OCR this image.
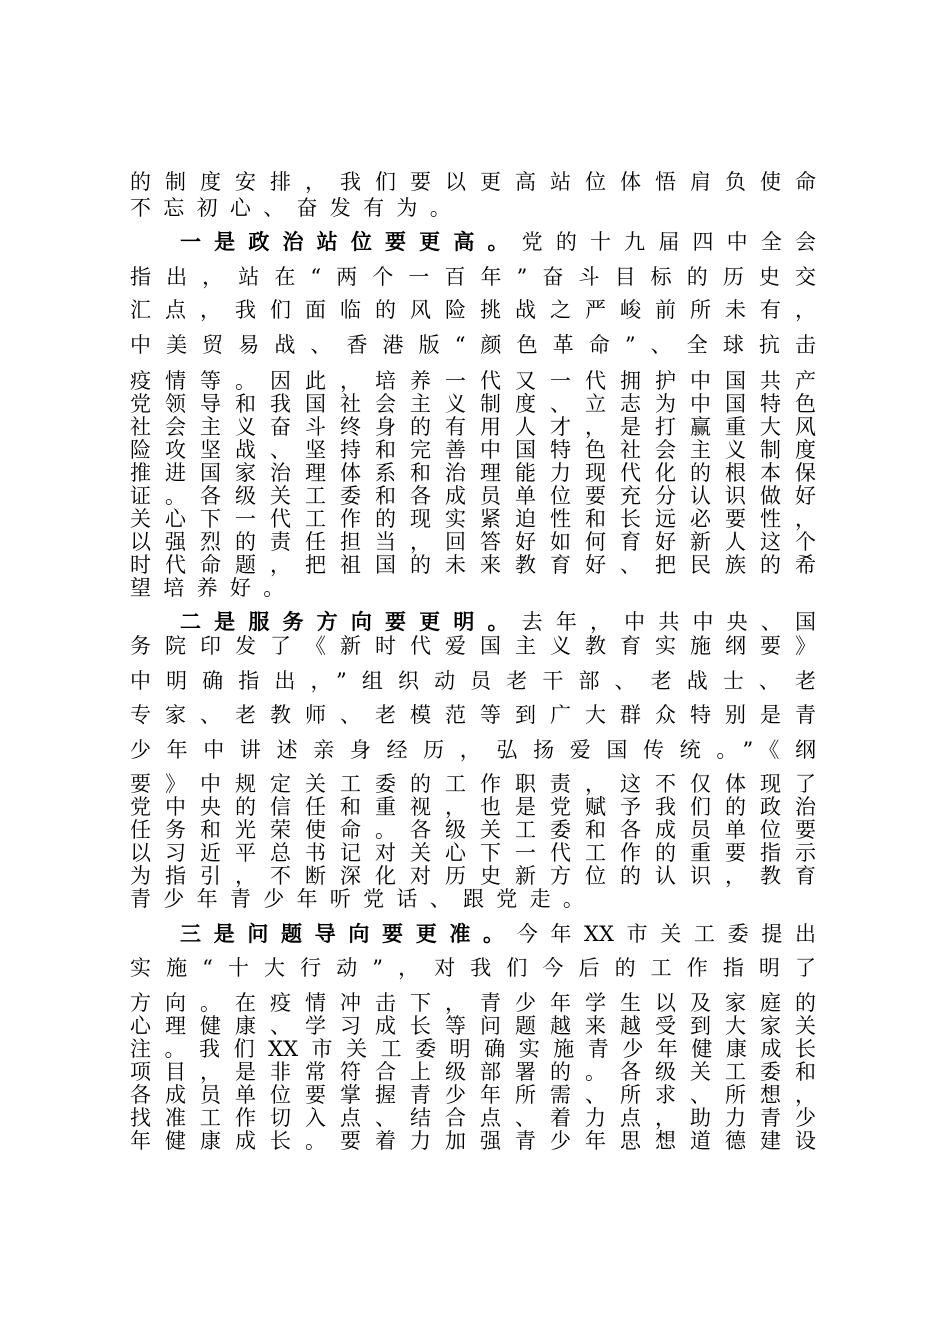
的制度安排，我们要以更高站位体悟肩负使命
不忘初心、奋发有为。
一是政治站位要更高。党的十九届四中全会
指出，站在“两个一百年”奋斗目标的历史交
汇点，我们面临的风险挑战之严峻前所未有，
中美贸易战、香港版“颜色革命”、全球抗击
疫情等。因此，培养一代又一代拥护中国共产
党领导和我国社会主义制度、立志为中国特色
社会主义奋斗终身的有用人才，是打赢重大风
险攻坚战、坚持和完善中国特色社会主义制度
推进国家治理体系和治理能力现代化的根本保
证。各级关工委和各成员单位要充分认识做好
关心下一代工作的现实紧迫性和长远必要性，
以强烈的责任担当，回答好如何育好新人这个
时代命题，把祖国的未来教育好、把民族的希
望培养好。
二是服务方向要更明。去年，中共中央、国
务院印发了《新时代爱国主义教育实施纲要》
中明确指出，”组织动员老干部、老战士、老
专家、老教师、老模范等到广大群众特别是青
少年中讲述亲身经历，弘扬爱国传统。”《纲
要》中规定关工委的工作职责，这不仅体现了
党中央的信任和重视，也是党赋予我们的政治
任务和光荣使命。各级关工委和各成员单位要
以习近平总书记对关心下一代工作的重要指示
为指引，不断深化对历史新方位的认识，教育
青少年青少年听党话、跟党走。
三是问题导向要更准。今年XX市关工委提出
实施“十大行动”，对我们今后的工作指明了
方向。在疫情冲击下，青少年学生以及家庭的
心理健康、学习成长等问题越来越受到大家关
注。我们XX市关工委明确实施青少年健康成长
项目，是非常符合上级部署的。各级关工委和
各成员单位要掌握青少年所需、所求、所想，
找准工作切入点、结合点、着力点，助力青少
年健康成长。要着力加强青少年思想道德建设
